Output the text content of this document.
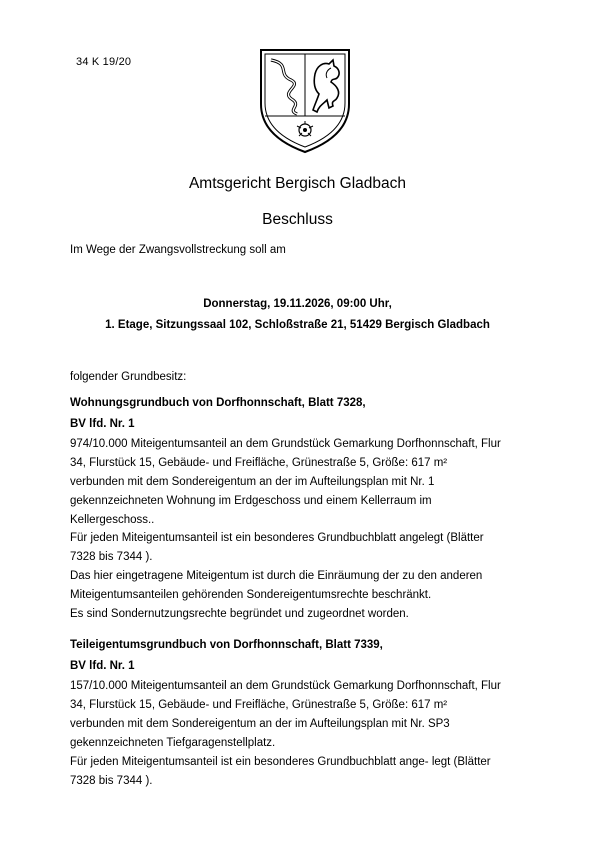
34 K 19/20
Amtsgericht Bergisch Gladbach
Beschluss
Im Wege der Zwangsvollstreckung soll am
Donnerstag, 19.11.2026, 09:00 Uhr,
1. Etage, Sitzungssaal 102, Schloßstraße 21, 51429 Bergisch Gladbach
folgender Grundbesitz:
Wohnungsgrundbuch von Dorfhonnschaft, Blatt 7328,
BV lfd. Nr. 1
974/10.000 Miteigentumsanteil an dem Grundstück Gemarkung Dorfhonnschaft, Flur
34, Flurstück 15, Gebäude- und Freifläche, Grünestraße 5, Größe: 617 m²
verbunden mit dem Sondereigentum an der im Aufteilungsplan mit Nr. 1
gekennzeichneten Wohnung im Erdgeschoss und einem Kellerraum im
Kellergeschoss..
Für jeden Miteigentumsanteil ist ein besonderes Grundbuchblatt angelegt (Blätter
7328 bis 7344 ).
Das hier eingetragene Miteigentum ist durch die Einräumung der zu den anderen
Miteigentumsanteilen gehörenden Sondereigentumsrechte beschränkt.
Es sind Sondernutzungsrechte begründet und zugeordnet worden.
Teileigentumsgrundbuch von Dorfhonnschaft, Blatt 7339,
BV lfd. Nr. 1
157/10.000 Miteigentumsanteil an dem Grundstück Gemarkung Dorfhonnschaft, Flur
34, Flurstück 15, Gebäude- und Freifläche, Grünestraße 5, Größe: 617 m²
verbunden mit dem Sondereigentum an der im Aufteilungsplan mit Nr. SP3
gekennzeichneten Tiefgaragenstellplatz.
Für jeden Miteigentumsanteil ist ein besonderes Grundbuchblatt ange- legt (Blätter
7328 bis 7344 ).
